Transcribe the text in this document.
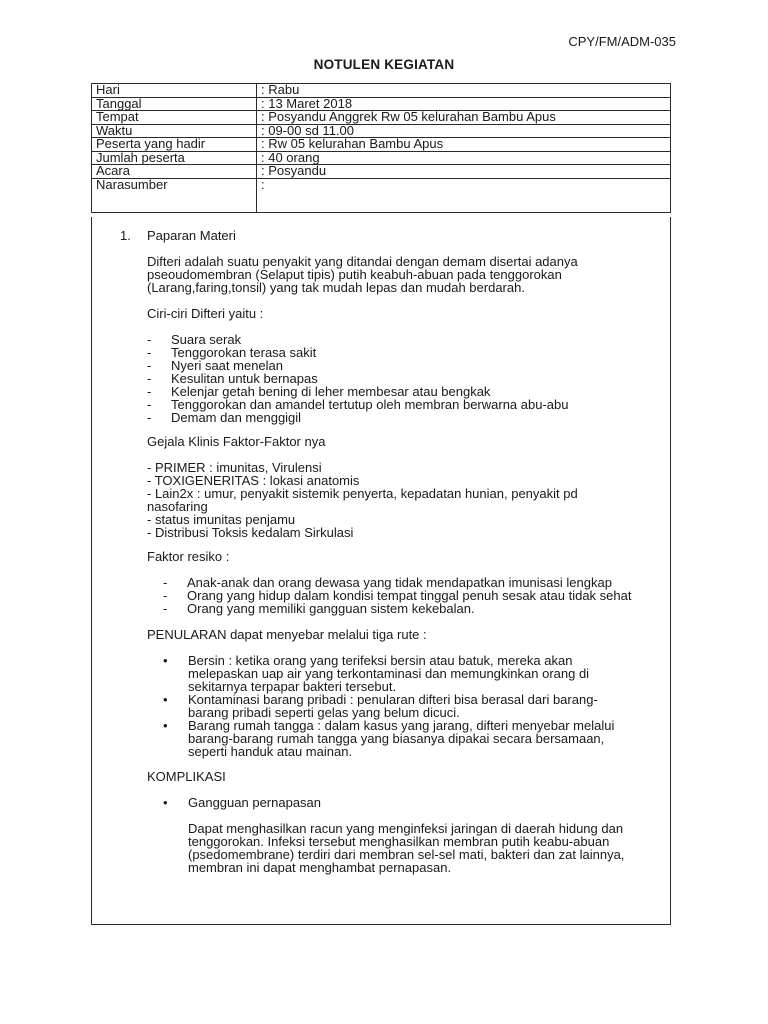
CPY/FM/ADM-035
NOTULEN KEGIATAN
Hari	: Rabu
Tanggal	: 13 Maret 2018
Tempat	: Posyandu Anggrek Rw 05 kelurahan Bambu Apus
Waktu	: 09-00 sd 11.00
Peserta yang hadir	: Rw 05 kelurahan Bambu Apus
Jumlah peserta	: 40 orang
Acara	: Posyandu
Narasumber	:
1. Paparan Materi
Difteri adalah suatu penyakit yang ditandai dengan demam disertai adanya
pseoudomembran (Selaput tipis) putih keabuh-abuan pada tenggorokan
(Larang,faring,tonsil) yang tak mudah lepas dan mudah berdarah.
Ciri-ciri Difteri yaitu :
- Suara serak
- Tenggorokan terasa sakit
- Nyeri saat menelan
- Kesulitan untuk bernapas
- Kelenjar getah bening di leher membesar atau bengkak
- Tenggorokan dan amandel tertutup oleh membran berwarna abu-abu
- Demam dan menggigil
Gejala Klinis Faktor-Faktor nya
- PRIMER : imunitas, Virulensi
- TOXIGENERITAS : lokasi anatomis
- Lain2x : umur, penyakit sistemik penyerta, kepadatan hunian, penyakit pd
nasofaring
- status imunitas penjamu
- Distribusi Toksis kedalam Sirkulasi
Faktor resiko :
- Anak-anak dan orang dewasa yang tidak mendapatkan imunisasi lengkap
- Orang yang hidup dalam kondisi tempat tinggal penuh sesak atau tidak sehat
- Orang yang memiliki gangguan sistem kekebalan.
PENULARAN dapat menyebar melalui tiga rute :
• Bersin : ketika orang yang terifeksi bersin atau batuk, mereka akan
melepaskan uap air yang terkontaminasi dan memungkinkan orang di
sekitarnya terpapar bakteri tersebut.
• Kontaminasi barang pribadi : penularan difteri bisa berasal dari barang-
barang pribadi seperti gelas yang belum dicuci.
• Barang rumah tangga : dalam kasus yang jarang, difteri menyebar melalui
barang-barang rumah tangga yang biasanya dipakai secara bersamaan,
seperti handuk atau mainan.
KOMPLIKASI
• Gangguan pernapasan
Dapat menghasilkan racun yang menginfeksi jaringan di daerah hidung dan
tenggorokan. Infeksi tersebut menghasilkan membran putih keabu-abuan
(psedomembrane) terdiri dari membran sel-sel mati, bakteri dan zat lainnya,
membran ini dapat menghambat pernapasan.
